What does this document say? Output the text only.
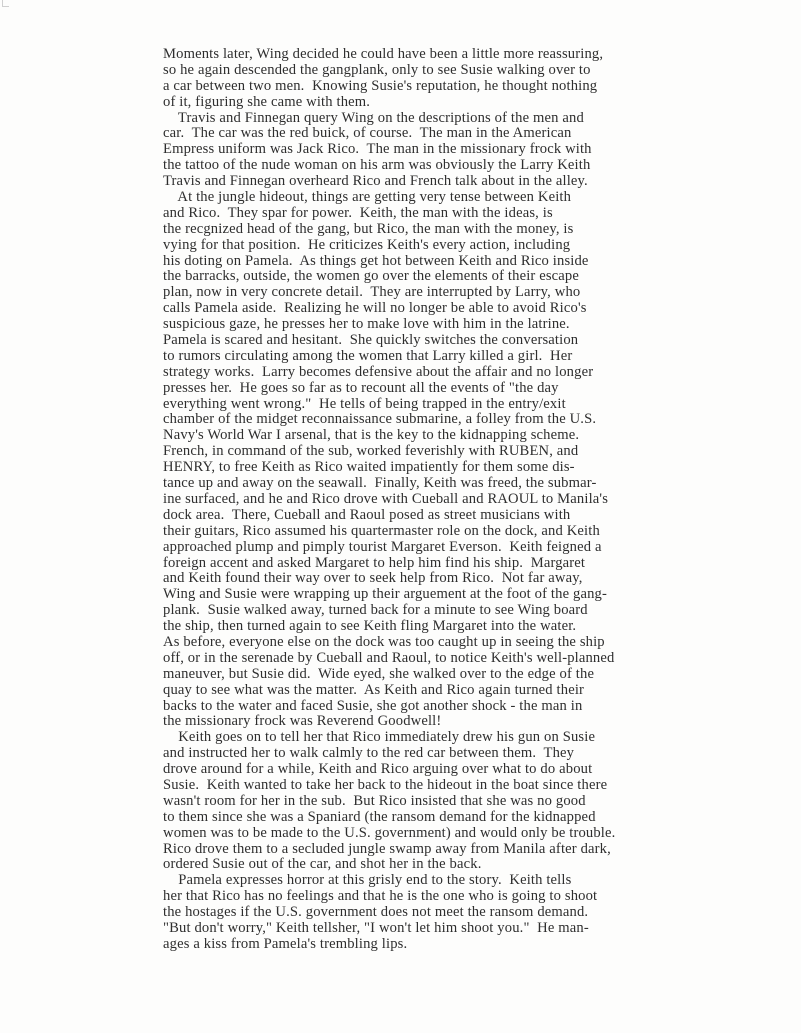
Moments later, Wing decided he could have been a little more reassuring,
so he again descended the gangplank, only to see Susie walking over to
a car between two men.  Knowing Susie's reputation, he thought nothing
of it, figuring she came with them.
Travis and Finnegan query Wing on the descriptions of the men and
car.  The car was the red buick, of course.  The man in the American
Empress uniform was Jack Rico.  The man in the missionary frock with
the tattoo of the nude woman on his arm was obviously the Larry Keith
Travis and Finnegan overheard Rico and French talk about in the alley.
At the jungle hideout, things are getting very tense between Keith
and Rico.  They spar for power.  Keith, the man with the ideas, is
the recgnized head of the gang, but Rico, the man with the money, is
vying for that position.  He criticizes Keith's every action, including
his doting on Pamela.  As things get hot between Keith and Rico inside
the barracks, outside, the women go over the elements of their escape
plan, now in very concrete detail.  They are interrupted by Larry, who
calls Pamela aside.  Realizing he will no longer be able to avoid Rico's
suspicious gaze, he presses her to make love with him in the latrine.
Pamela is scared and hesitant.  She quickly switches the conversation
to rumors circulating among the women that Larry killed a girl.  Her
strategy works.  Larry becomes defensive about the affair and no longer
presses her.  He goes so far as to recount all the events of "the day
everything went wrong."  He tells of being trapped in the entry/exit
chamber of the midget reconnaissance submarine, a folley from the U.S.
Navy's World War I arsenal, that is the key to the kidnapping scheme.
French, in command of the sub, worked feverishly with RUBEN, and
HENRY, to free Keith as Rico waited impatiently for them some dis-
tance up and away on the seawall.  Finally, Keith was freed, the submar-
ine surfaced, and he and Rico drove with Cueball and RAOUL to Manila's
dock area.  There, Cueball and Raoul posed as street musicians with
their guitars, Rico assumed his quartermaster role on the dock, and Keith
approached plump and pimply tourist Margaret Everson.  Keith feigned a
foreign accent and asked Margaret to help him find his ship.  Margaret
and Keith found their way over to seek help from Rico.  Not far away,
Wing and Susie were wrapping up their arguement at the foot of the gang-
plank.  Susie walked away, turned back for a minute to see Wing board
the ship, then turned again to see Keith fling Margaret into the water.
As before, everyone else on the dock was too caught up in seeing the ship
off, or in the serenade by Cueball and Raoul, to notice Keith's well-planned
maneuver, but Susie did.  Wide eyed, she walked over to the edge of the
quay to see what was the matter.  As Keith and Rico again turned their
backs to the water and faced Susie, she got another shock - the man in
the missionary frock was Reverend Goodwell!
Keith goes on to tell her that Rico immediately drew his gun on Susie
and instructed her to walk calmly to the red car between them.  They
drove around for a while, Keith and Rico arguing over what to do about
Susie.  Keith wanted to take her back to the hideout in the boat since there
wasn't room for her in the sub.  But Rico insisted that she was no good
to them since she was a Spaniard (the ransom demand for the kidnapped
women was to be made to the U.S. government) and would only be trouble.
Rico drove them to a secluded jungle swamp away from Manila after dark,
ordered Susie out of the car, and shot her in the back.
Pamela expresses horror at this grisly end to the story.  Keith tells
her that Rico has no feelings and that he is the one who is going to shoot
the hostages if the U.S. government does not meet the ransom demand.
"But don't worry," Keith tellsher, "I won't let him shoot you."  He man-
ages a kiss from Pamela's trembling lips.
